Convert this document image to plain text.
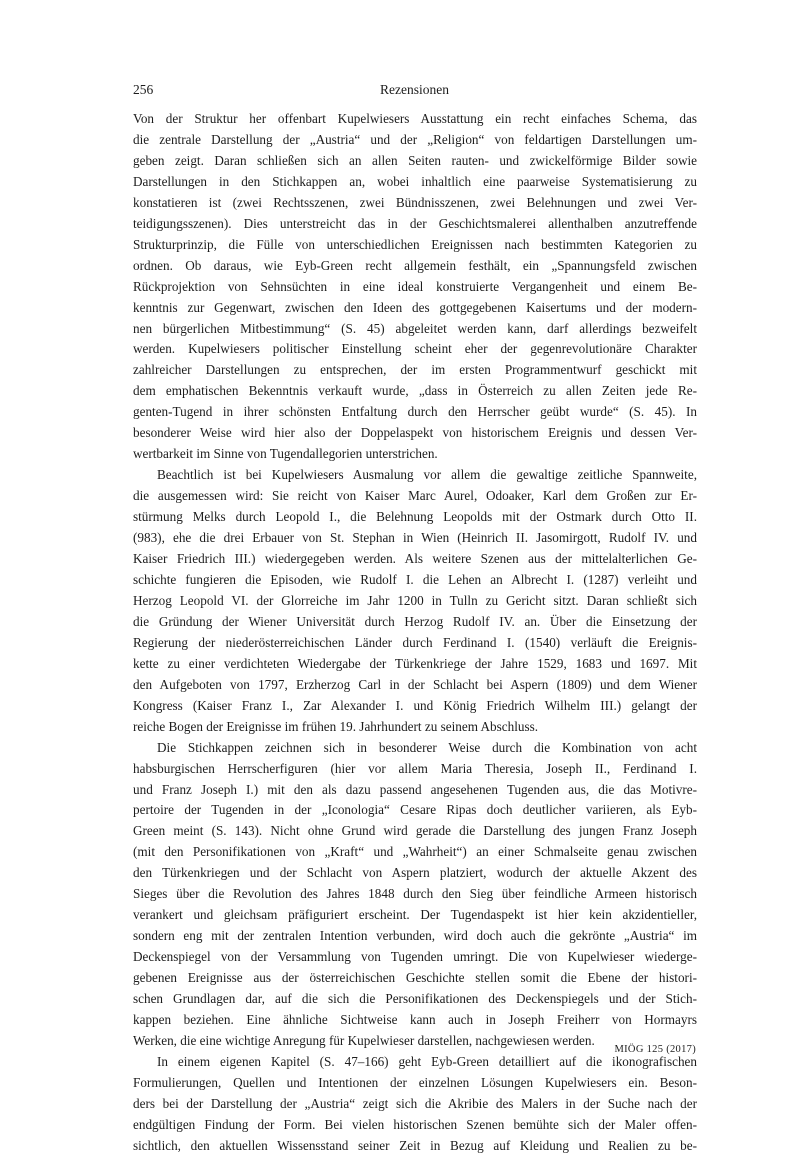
256	Rezensionen
Von der Struktur her offenbart Kupelwiesers Ausstattung ein recht einfaches Schema, das
die zentrale Darstellung der „Austria“ und der „Religion“ von feldartigen Darstellungen um-
geben zeigt. Daran schließen sich an allen Seiten rauten- und zwickelförmige Bilder sowie
Darstellungen in den Stichkappen an, wobei inhaltlich eine paarweise Systematisierung zu
konstatieren ist (zwei Rechtsszenen, zwei Bündnisszenen, zwei Belehnungen und zwei Ver-
teidigungsszenen). Dies unterstreicht das in der Geschichtsmalerei allenthalben anzutreffende
Strukturprinzip, die Fülle von unterschiedlichen Ereignissen nach bestimmten Kategorien zu
ordnen. Ob daraus, wie Eyb-Green recht allgemein festhält, ein „Spannungsfeld zwischen
Rückprojektion von Sehnsüchten in eine ideal konstruierte Vergangenheit und einem Be-
kenntnis zur Gegenwart, zwischen den Ideen des gottgegebenen Kaisertums und der modern-
nen bürgerlichen Mitbestimmung“ (S. 45) abgeleitet werden kann, darf allerdings bezweifelt
werden. Kupelwiesers politischer Einstellung scheint eher der gegenrevolutionäre Charakter
zahlreicher Darstellungen zu entsprechen, der im ersten Programmentwurf geschickt mit
dem emphatischen Bekenntnis verkauft wurde, „dass in Österreich zu allen Zeiten jede Re-
genten-Tugend in ihrer schönsten Entfaltung durch den Herrscher geübt wurde“ (S. 45). In
besonderer Weise wird hier also der Doppelaspekt von historischem Ereignis und dessen Ver-
wertbarkeit im Sinne von Tugendallegorien unterstrichen.
Beachtlich ist bei Kupelwiesers Ausmalung vor allem die gewaltige zeitliche Spannweite,
die ausgemessen wird: Sie reicht von Kaiser Marc Aurel, Odoaker, Karl dem Großen zur Er-
stürmung Melks durch Leopold I., die Belehnung Leopolds mit der Ostmark durch Otto II.
(983), ehe die drei Erbauer von St. Stephan in Wien (Heinrich II. Jasomirgott, Rudolf IV. und
Kaiser Friedrich III.) wiedergegeben werden. Als weitere Szenen aus der mittelalterlichen Ge-
schichte fungieren die Episoden, wie Rudolf I. die Lehen an Albrecht I. (1287) verleiht und
Herzog Leopold VI. der Glorreiche im Jahr 1200 in Tulln zu Gericht sitzt. Daran schließt sich
die Gründung der Wiener Universität durch Herzog Rudolf IV. an. Über die Einsetzung der
Regierung der niederösterreichischen Länder durch Ferdinand I. (1540) verläuft die Ereignis-
kette zu einer verdichteten Wiedergabe der Türkenkriege der Jahre 1529, 1683 und 1697. Mit
den Aufgeboten von 1797, Erzherzog Carl in der Schlacht bei Aspern (1809) und dem Wiener
Kongress (Kaiser Franz I., Zar Alexander I. und König Friedrich Wilhelm III.) gelangt der
reiche Bogen der Ereignisse im frühen 19. Jahrhundert zu seinem Abschluss.
Die Stichkappen zeichnen sich in besonderer Weise durch die Kombination von acht
habsburgischen Herrscherfiguren (hier vor allem Maria Theresia, Joseph II., Ferdinand I.
und Franz Joseph I.) mit den als dazu passend angesehenen Tugenden aus, die das Motivre-
pertoire der Tugenden in der „Iconologia“ Cesare Ripas doch deutlicher variieren, als Eyb-
Green meint (S. 143). Nicht ohne Grund wird gerade die Darstellung des jungen Franz Joseph
(mit den Personifikationen von „Kraft“ und „Wahrheit“) an einer Schmalseite genau zwischen
den Türkenkriegen und der Schlacht von Aspern platziert, wodurch der aktuelle Akzent des
Sieges über die Revolution des Jahres 1848 durch den Sieg über feindliche Armeen historisch
verankert und gleichsam präfiguriert erscheint. Der Tugendaspekt ist hier kein akzidentieller,
sondern eng mit der zentralen Intention verbunden, wird doch auch die gekrönte „Austria“ im
Deckenspiegel von der Versammlung von Tugenden umringt. Die von Kupelwieser wiederge-
gebenen Ereignisse aus der österreichischen Geschichte stellen somit die Ebene der histori-
schen Grundlagen dar, auf die sich die Personifikationen des Deckenspiegels und der Stich-
kappen beziehen. Eine ähnliche Sichtweise kann auch in Joseph Freiherr von Hormayrs
Werken, die eine wichtige Anregung für Kupelwieser darstellen, nachgewiesen werden.
In einem eigenen Kapitel (S. 47–166) geht Eyb-Green detailliert auf die ikonografischen
Formulierungen, Quellen und Intentionen der einzelnen Lösungen Kupelwiesers ein. Beson-
ders bei der Darstellung der „Austria“ zeigt sich die Akribie des Malers in der Suche nach der
endgültigen Findung der Form. Bei vielen historischen Szenen bemühte sich der Maler offen-
sichtlich, den aktuellen Wissensstand seiner Zeit in Bezug auf Kleidung und Realien zu be-
MIÖG 125 (2017)
